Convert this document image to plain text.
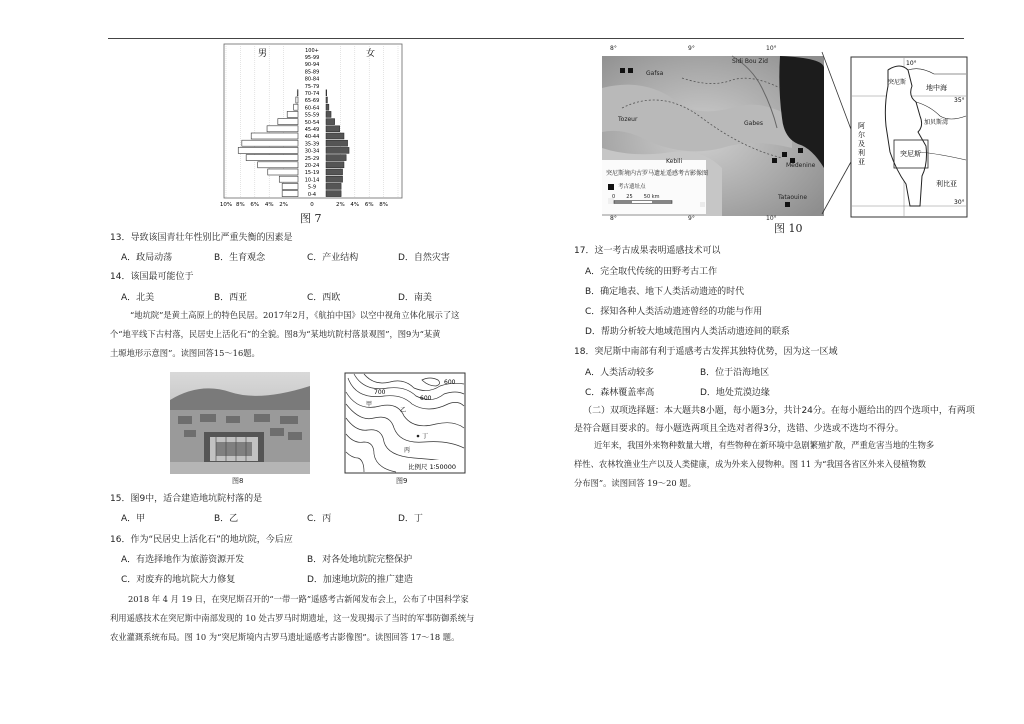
男	女
100+
95-99
90-94
85-89
80-84
75-79
70-74
65-69
60-64
55-59
50-54
45-49
40-44
35-39
30-34
25-29
20-24
15-19
10-14
5-9
0-4
10% 8% 6% 4% 2%	0	2% 4% 6% 8%
图 7
13．导致该国青壮年性别比严重失衡的因素是
A．政局动荡	B．生育观念	C．产业结构	D．自然灾害
14．该国最可能位于
A．北美	B．西亚	C．西欧	D．南美
“地坑院”是黄土高原上的特色民居。2017年2月，《航拍中国》以空中视角立体化展示了这
个“地平线下古村落，民居史上活化石”的全貌。图8为“某地坑院村落景观图”，图9为“某黄
土塬地形示意图”。读图回答15～16题。
图8
600
700
600
甲
乙
丁
丙
比例尺 1∶50000
图9
15．图9中，适合建造地坑院村落的是
A．甲	B．乙	C．丙	D．丁
16．作为“民居史上活化石”的地坑院，今后应
A．有选择地作为旅游资源开发	B．对各处地坑院完整保护
C．对废弃的地坑院大力修复	D．加速地坑院的推广建造
2018 年 4 月 19 日，在突尼斯召开的“一带一路”遥感考古新闻发布会上，公布了中国科学家
利用遥感技术在突尼斯中南部发现的 10 处古罗马时期遗址，这一发现揭示了当时的军事防御系统与
农业灌溉系统布局。图 10 为“突尼斯境内古罗马遗址遥感考古影像图”。读图回答 17～18 题。
突尼斯境内古罗马遗址遥感考古影像图
考古遗址点
0       25       50 km
Gafsa
Sidi Bou Zid
Gabes
Kebili
Medenine
Tataouine
Tozeur
8°	9°	10°
8°	9°	10°
图 10
10°
35°
30°
突尼斯
地中海
加贝斯湾
突尼斯
利比亚
阿
尔
及
利
亚
17．这一考古成果表明遥感技术可以
A．完全取代传统的田野考古工作
B．确定地表、地下人类活动遗迹的时代
C．探知各种人类活动遗迹曾经的功能与作用
D．帮助分析较大地域范围内人类活动遗迹间的联系
18．突尼斯中南部有利于遥感考古发挥其独特优势，因为这一区域
A．人类活动较多	B．位于沿海地区
C．森林覆盖率高	D．地处荒漠边缘
（二）双项选择题：本大题共8小题，每小题3分，共计24分。在每小题给出的四个选项中，有两项
是符合题目要求的。每小题选两项且全选对者得3分，选错、少选或不选均不得分。
近年来，我国外来物种数量大增，有些物种在新环境中急剧繁殖扩散，严重危害当地的生物多
样性、农林牧渔业生产以及人类健康，成为外来入侵物种。图 11 为“我国各省区外来入侵植物数
分布图”。读图回答 19～20 题。
